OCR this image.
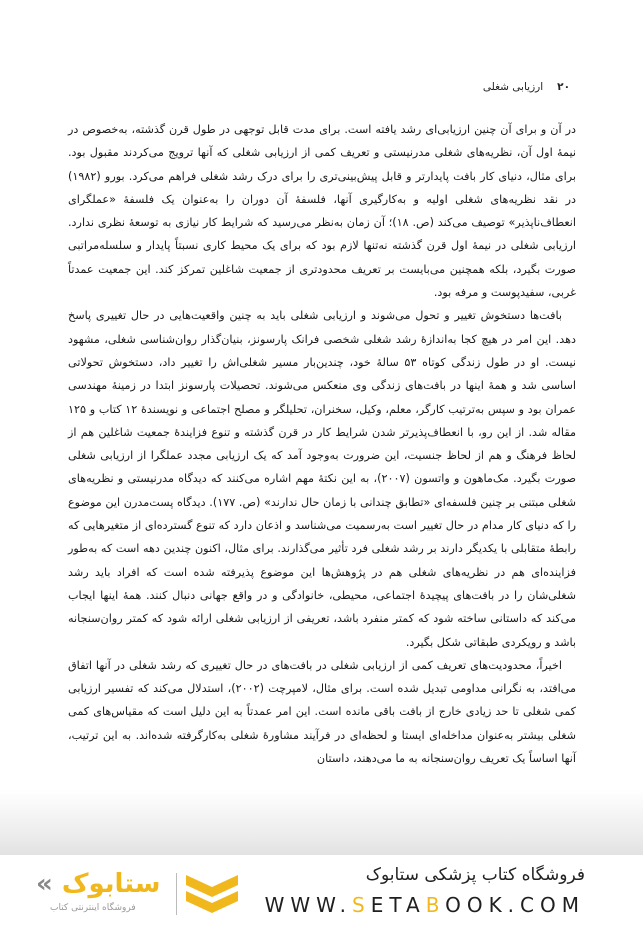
۲۰
ارزیابی شغلی

در آن و برای آن چنین ارزیابی‌ای رشد یافته است. برای مدت قابل توجهی در طول قرن گذشته، به‌خصوص در نیمهٔ اول آن، نظریه‌های شغلی مدرنیستی و تعریف کمی از ارزیابی شغلی که آنها ترویج می‌کردند مقبول بود. برای مثال، دنیای کار بافت پایدارتر و قابل پیش‌بینی‌تری را برای درک رشد شغلی فراهم می‌کرد. بورو (۱۹۸۲) در نقد نظریه‌های شغلی اولیه و به‌کارگیری آنها، فلسفهٔ آن دوران را به‌عنوان یک فلسفهٔ «عملگرای انعطاف‌ناپذیر» توصیف می‌کند (ص. ۱۸)؛ آن زمان به‌نظر می‌رسید که شرایط کار نیازی به توسعهٔ نظری ندارد. ارزیابی شغلی در نیمهٔ اول قرن گذشته نه‌تنها لازم بود که برای یک محیط کاری نسبتاً پایدار و سلسله‌مراتبی صورت بگیرد، بلکه همچنین می‌بایست بر تعریف محدودتری از جمعیت شاغلین تمرکز کند. این جمعیت عمدتاً غربی، سفیدپوست و مرفه بود.

بافت‌ها دستخوش تغییر و تحول می‌شوند و ارزیابی شغلی باید به چنین واقعیت‌هایی در حال تغییری پاسخ دهد. این امر در هیچ کجا به‌اندازهٔ رشد شغلی شخصی فرانک پارسونز، بنیان‌گذار روان‌شناسی شغلی، مشهود نیست. او در طول زندگی کوتاه ۵۳ سالهٔ خود، چندین‌بار مسیر شغلی‌اش را تغییر داد، دستخوش تحولاتی اساسی شد و همهٔ اینها در بافت‌های زندگی وی منعکس می‌شوند. تحصیلات پارسونز ابتدا در زمینهٔ مهندسی عمران بود و سپس به‌ترتیب کارگر، معلم، وکیل، سخنران، تحلیلگر و مصلح اجتماعی و نویسندهٔ ۱۲ کتاب و ۱۲۵ مقاله شد. از این رو، با انعطاف‌پذیرتر شدن شرایط کار در قرن گذشته و تنوع فزایندهٔ جمعیت شاغلین هم از لحاظ فرهنگ و هم از لحاظ جنسیت، این ضرورت به‌وجود آمد که یک ارزیابی مجدد عملگرا از ارزیابی شغلی صورت بگیرد. مک‌ماهون و واتسون (۲۰۰۷)، به این نکتهٔ مهم اشاره می‌کنند که دیدگاه مدرنیستی و نظریه‌های شغلی مبتنی بر چنین فلسفه‌ای «تطابق چندانی با زمان حال ندارند» (ص. ۱۷۷). دیدگاه پست‌مدرن این موضوع را که دنیای کار مدام در حال تغییر است به‌رسمیت می‌شناسد و اذعان دارد که تنوع گسترده‌ای از متغیرهایی که رابطهٔ متقابلی با یکدیگر دارند بر رشد شغلی فرد تأثیر می‌گذارند. برای مثال، اکنون چندین دهه است که به‌طور فزاینده‌ای هم در نظریه‌های شغلی هم در پژوهش‌ها این موضوع پذیرفته شده است که افراد باید رشد شغلی‌شان را در بافت‌های پیچیدهٔ اجتماعی، محیطی، خانوادگی و در واقع جهانی دنبال کنند. همهٔ اینها ایجاب می‌کند که داستانی ساخته شود که کمتر منفرد باشد، تعریفی از ارزیابی شغلی ارائه شود که کمتر روان‌سنجانه باشد و رویکردی طبقاتی شکل بگیرد.

اخیراً، محدودیت‌های تعریف کمی از ارزیابی شغلی در بافت‌های در حال تغییری که رشد شغلی در آنها اتفاق می‌افتد، به نگرانی مداومی تبدیل شده است. برای مثال، لامپرچت (۲۰۰۲)، استدلال می‌کند که تفسیر ارزیابی کمی شغلی تا حد زیادی خارج از بافت باقی مانده است. این امر عمدتاً به این دلیل است که مقیاس‌های کمی شغلی بیشتر به‌عنوان مداخله‌ای ایستا و لحظه‌ای در فرآیند مشاورهٔ شغلی به‌کارگرفته شده‌اند. به این ترتیب، آنها اساساً یک تعریف روان‌سنجانه به ما می‌دهند، داستان

« ستابوک
فروشگاه اینترنتی کتاب
فروشگاه کتاب پزشکی ستابوک
WWW.SETABOOK.COM
